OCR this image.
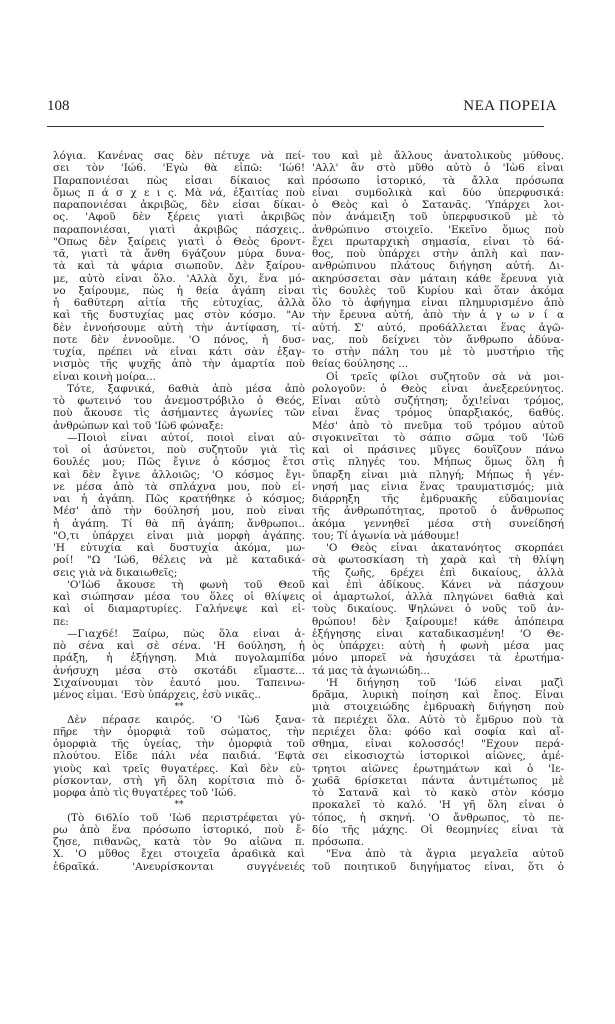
108	ΝΕΑ ΠΟΡΕΙΑ
λόγια. Κανένας σας δὲν πέτυχε νὰ πεί-
σει τὸν 'Ιώ6. 'Εγὼ θὰ εἰπῶ: 'Ιώ6!
Παραπονιέσαι πὼς εἶσαι δίκαιος καὶ
ὅμως π ά σ χ ε ι ς. Μὰ νά, ἐξαιτίας ποὺ
παραπονιέσαι ἀκριβῶς, δὲν εἶσαι δίκαι-
ος. 'Αφοῦ δὲν ξέρεις γιατὶ ἀκριβῶς
παραπονιέσαι, γιατὶ ἀκριβῶς πάσχεις..
"Οπως δὲν ξαίρεις γιατὶ ὁ Θεὸς 6ροντ-
τᾶ, γιατὶ τὰ ἄνθη 6γάζουν μύρα δυνα-
τὰ καὶ τὰ ψάρια σιωποῦν. Δὲν ξαίρου-
με, αὐτὸ εἶναι ὅλο. 'Αλλὰ ὄχι, ἕνα μό-
νο ξαίρουμε, πὼς ἡ θεία ἀγάπη εἶναι
ἡ 6αθύτερη αἰτία τῆς εὐτυχίας, ἀλλὰ
καὶ τῆς δυστυχίας μας στὸν κόσμο. "Αν
δὲν ἐννοήσουμε αὐτὴ τὴν ἀντίφαση, τί-
ποτε δὲν ἐννοοῦμε. 'Ο πόνος, ἡ δυσ-
τυχία, πρέπει νὰ εἶναι κάτι σὰν ἐξαγ-
νισμὸς τῆς ψυχῆς ἀπὸ τὴν ἁμαρτία ποὺ
εἶναι κοινὴ μοίρα...
Τότε, ξαφνικά, 6αθιὰ ἀπὸ μέσα ἀπὸ
τὸ φωτεινό του ἀνεμοστρόβιλο ὁ Θεός,
ποὺ ἄκουσε τὶς ἀσήμαντες ἀγωνίες τῶν
ἀνθρώπων καὶ τοῦ 'Ιὼ6 φώναξε:
—Ποιοὶ εἶναι αὐτοί, ποιοὶ εἶναι αὐ-
τοὶ οἱ ἀσύνετοι, ποὺ συζητοῦν γιὰ τὶς
6ουλές μου; Πῶς ἔγινε ὁ κόσμος ἔτσι
καὶ δὲν ἔγινε ἀλλοιῶς; 'Ο κόσμος ἔγι-
νε μέσα ἀπὸ τὰ σπλάχνα μου, ποὺ εἶ-
ναι ἡ ἀγάπη. Πῶς κρατήθηκε ὁ κόσμος;
Μέσ' ἀπὸ τὴν 6ούλησή μου, ποὺ εἶναι
ἡ ἀγάπη. Τί θὰ πῆ ἀγάπη; ἄνθρωποι..
"Ο,τι ὑπάρχει εἶναι μιὰ μορφὴ ἀγάπης.
'Η εὐτυχία καὶ δυστυχία ἀκόμα, μω-
ροί! "Ω 'Ιώ6, θέλεις νὰ μὲ καταδικά-
σεις γιὰ νὰ δικαιωθεῖς;
'Ο'Ιὼ6 ἄκουσε τὴ φωνὴ τοῦ Θεοῦ
καὶ σιώπησαν μέσα του ὅλες οἱ θλίψεις
καὶ οἱ διαμαρτυρίες. Γαλήνεψε καὶ εἶ-
πε:
—Γιαχ6έ! Ξαίρω, πὼς ὅλα εἶναι ἀ-
πὸ σένα καὶ σὲ σένα. 'Η 6ούληση, ἡ
πράξη, ἡ ἐξήγηση. Μιὰ πυγολαμπίδα
ἀνήσυχη μέσα στὸ σκοτάδι εἴμαστε...
Σιχαίνουμαι τὸν ἑαυτό μου. Ταπεινω-
μένος εἶμαι. 'Εσὺ ὑπάρχεις, ἐσὺ νικᾶς..
**
Δὲν πέρασε καιρός. 'Ο 'Ιὼ6 ξανα-
πῆρε τὴν ὀμορφιὰ τοῦ σώματος, τὴν
ὀμορφιὰ τῆς ὑγείας, τὴν ὀμορφιὰ τοῦ
πλούτου. Εἶδε πάλι νέα παιδιά. 'Εφτὰ
γιοὺς καὶ τρεῖς θυγατέρες. Καὶ δὲν εὑ-
ρίσκονταν, στὴ γῆ ὅλη κορίτσια πιὸ ὄ-
μορφα ἀπὸ τὶς θυγατέρες τοῦ 'Ιώ6.
**
(Τὸ 6ι6λίο τοῦ 'Ιὼ6 περιστρέφεται γύ-
ρω ἀπὸ ἕνα πρόσωπο ἱστορικό, ποὺ ἔ-
ζησε, πιθανῶς, κατὰ τὸν 9ο αἰῶνα π.
Χ. 'Ο μῦθος ἔχει στοιχεῖα ἀρα6ικὰ καὶ
ἑ6ραϊκά. 'Ανευρίσκονται συγγένειές
του καὶ μὲ ἄλλους ἀνατολικοὺς μύθους.
'Αλλ' ἂν στὸ μῦθο αὐτὸ ὁ 'Ιὼ6 εἶναι
πρόσωπο ἱστορικό, τὰ ἄλλα πρόσωπα
εἶναι συμ6ολικὰ καὶ δύο ὑπερφυσικά:
ὁ Θεὸς καὶ ὁ Σατανᾶς. 'Υπάρχει λοι-
πὸν ἀνάμειξη τοῦ ὑπερφυσικοῦ μὲ τὸ
ἀνθρώπινο στοιχεῖο. 'Εκεῖνο ὅμως ποὺ
ἔχει πρωταρχικὴ σημασία, εἶναι τὸ 6ά-
θος, ποὺ ὑπάρχει στὴν ἁπλὴ καὶ παν-
ανθρώπινου πλάτους διήγηση αὐτή. Δι-
ακηρύσσεται σὰν μάταιη κάθε ἔρευνα γιὰ
τὶς 6ουλὲς τοῦ Κυρίου καὶ ὅταν ἀκόμα
ὅλο τὸ ἀφήγημα εἶναι πλημυρισμένο ἀπὸ
τὴν ἔρευνα αὐτή, ἀπὸ τὴν ἀ γ ω ν ί α
αὐτή. Σ' αὐτό, προ6άλλεται ἕνας ἀγῶ-
νας, ποὺ δείχνει τὸν ἄνθρωπο ἀδύνα-
το στὴν πάλη του μὲ τὸ μυστήριο τῆς
θείας 6ούλησης ...
Οἱ τρεῖς φίλοι συζητοῦν σὰ νὰ μοι-
ρολογοῦν: ὁ Θεὸς εἶναι ἀνεξερεύνητος.
Εἶναι αὐτὸ συζήτηση; ὄχι!εἶναι τρόμος,
εἶναι ἕνας τρόμος ὑπαρξιακός, 6αθύς.
Μέσ' ἀπὸ τὸ πνεῦμα τοῦ τρόμου αὐτοῦ
σιγοκινεῖται τὸ σάπιο σῶμα τοῦ 'Ιὼ6
καὶ οἱ πράσινες μῦγες 6ουΐζουν πάνω
στὶς πληγές του. Μήπως ὅμως ὅλη ἡ
ὕπαρξη εἶναι μιὰ πληγή; Μήπως ἡ γέν-
νησή μας εἶνια ἕνας τραυματισμός; μιὰ
διάρρηξη τῆς ἐμ6ρυακῆς εὐδαιμονίας
τῆς ἀνθρωπότητας, προτοῦ ὁ ἄνθρωπος
ἀκόμα γεννηθεῖ μέσα στὴ συνείδησή
του; Τί ἀγωνία νὰ μάθουμε!
'Ο Θεὸς εἶναι ἀκατανόητος σκορπάει
σὰ φωτοσκίαση τὴ χαρὰ καὶ τὴ θλίψη
τῆς ζωῆς, 6ρέχει ἐπὶ δικαίους, ἀλλὰ
καὶ ἐπὶ ἀδίκους. Κάνει νὰ πάσχουν
οἱ ἁμαρτωλοί, ἀλλὰ πληγώνει 6αθιὰ καὶ
τοὺς δικαίους. Ψηλώνει ὁ νοῦς τοῦ ἀν-
θρώπου! δὲν ξαίρουμε! κάθε ἀπόπειρα
ἐξήγησης εἶναι καταδικασμένη! 'Ο Θε-
ὸς ὑπάρχει: αὐτὴ ἡ φωνὴ μέσα μας
μόνο μπορεῖ νὰ ἡσυχάσει τὰ ἐρωτήμα-
τά μας τὰ ἀγωνιώδη...
'Η διήγηση τοῦ 'Ιώ6 εἶναι μαζὶ
δρᾶμα, λυρικὴ ποίηση καὶ ἔπος. Εἶναι
μιὰ στοιχειώδης ἐμ6ρυακὴ διήγηση ποὺ
τὰ περιέχει ὅλα. Αὐτὸ τὸ ἔμ6ρυο ποὺ τὰ
περιέχει ὅλα: φό6ο καὶ σοφία καὶ αἴ-
σθημα, εἶναι κολοσσός! "Εχουν περά-
σει εἰκοσιοχτὼ ἱστορικοὶ αἰῶνες, ἀμέ-
τρητοι αἰῶνες ἐρωτημάτων καὶ ὁ 'Ιε-
χω6ᾶ 6ρίσκεται πάντα ἀντιμέτωπος μὲ
τὸ Σατανᾶ καὶ τὸ κακὸ στὸν κόσμο
προκαλεῖ τὸ καλό. 'Η γῆ ὅλη εἶναι ὁ
τόπος, ἡ σκηνή. 'Ο ἄνθρωπος, τὸ πε-
δίο τῆς μάχης. Οἱ θεομηνίες εἶναι τὰ
πρόσωπα.
"Ενα ἀπὸ τὰ ἄγρια μεγαλεῖα αὐτοῦ
τοῦ ποιητικοῦ διηγήματος εἶναι, ὅτι ὁ
